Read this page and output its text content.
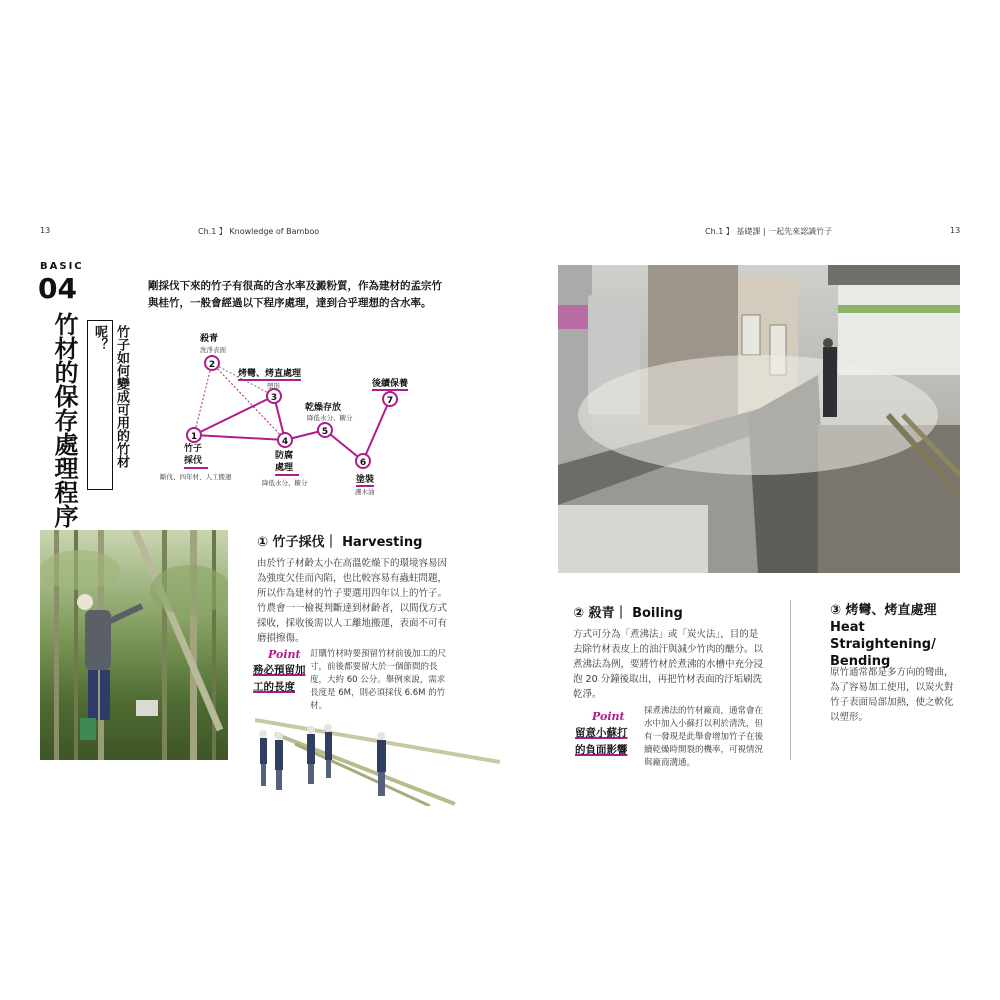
13	Ch.1 】 Knowledge of Bamboo	Ch.1 】 基礎課 | 一起先來認識竹子	13
BASIC
04
竹材的保存處理程序	竹子如何變成可用的竹材呢？
剛採伐下來的竹子有很高的含水率及澱粉質，作為建材的孟宗竹與桂竹，一般會經過以下程序處理，達到合乎理想的含水率。
1
2
3
4
5
6
7
殺青
洗淨表面
烤彎、烤直處理
塑形
乾燥存放
降低水分、糖分
後續保養
竹子採伐
斷伐、四年材、人工搬運
防腐處理
降低水分、糖分	塗裝
護木油
① 竹子採伐｜ Harvesting
由於竹子材齡太小在高溫乾燥下的環境容易因為強度欠佳而內陷，也比較容易有蟲蛀問題，所以作為建材的竹子要選用四年以上的竹子。竹農會一一檢視判斷達到材齡者，以間伐方式採收，採收後需以人工離地搬運，表面不可有磨損擦傷。
Point
務必預留加工的長度
訂購竹材時要預留竹材前後加工的尺寸，前後都要留大於一個節間的長度，大約 60 公分。舉例來說，需求長度是 6M，則必須採伐 6.6M 的竹材。
② 殺青｜ Boiling
方式可分為「煮沸法」或「炭火法」，目的是去除竹材表皮上的油汗與減少竹肉的醣分。以煮沸法為例，要將竹材於煮沸的水槽中充分浸泡 20 分鐘後取出，再把竹材表面的汙垢刷洗乾淨。
Point
留意小蘇打的負面影響
採煮沸法的竹材廠商，通常會在水中加入小蘇打以利於清洗，但有一發現是此舉會增加竹子在後續乾燥時開裂的機率，可視情況與廠商溝通。
③ 烤彎、烤直處理 Heat Straightening/ Bending
原竹通常都是多方向的彎曲，為了容易加工使用，以炭火對竹子表面局部加熱，使之軟化以塑形。
